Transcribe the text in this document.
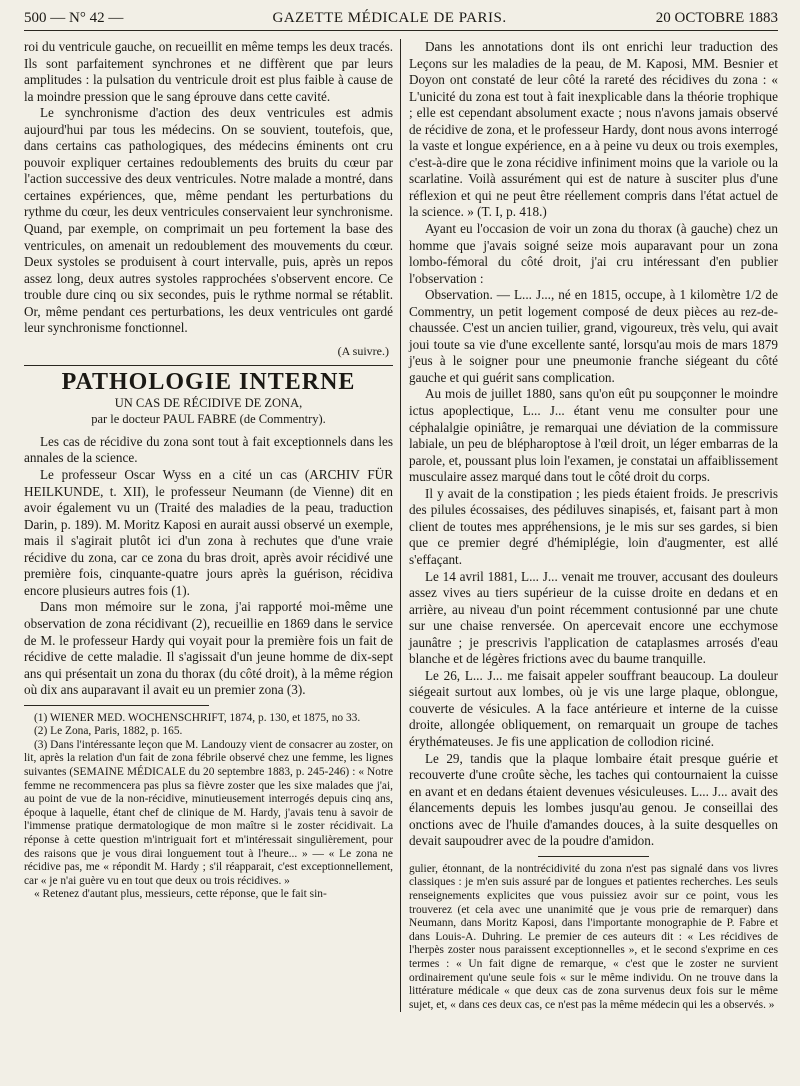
500 — N° 42 —	GAZETTE MÉDICALE DE PARIS.	20 OCTOBRE 1883

roi du ventricule gauche, on recueillit en même temps les deux tracés. Ils sont parfaitement synchrones et ne diffèrent que par leurs amplitudes : la pulsation du ventricule droit est plus faible à cause de la moindre pression que le sang éprouve dans cette cavité.

Le synchronisme d'action des deux ventricules est admis aujourd'hui par tous les médecins. On se souvient, toutefois, que, dans certains cas pathologiques, des médecins éminents ont cru pouvoir expliquer certaines redoublements des bruits du cœur par l'action successive des deux ventricules. Notre malade a montré, dans certaines expériences, que, même pendant les perturbations du rythme du cœur, les deux ventricules conservaient leur synchronisme. Quand, par exemple, on comprimait un peu fortement la base des ventricules, on amenait un redoublement des mouvements du cœur. Deux systoles se produisent à court intervalle, puis, après un repos assez long, deux autres systoles rapprochées s'observent encore. Ce trouble dure cinq ou six secondes, puis le rythme normal se rétablit. Or, même pendant ces perturbations, les deux ventricules ont gardé leur synchronisme fonctionnel.

(A suivre.)
PATHOLOGIE INTERNE
UN CAS DE RÉCIDIVE DE ZONA,
par le docteur PAUL FABRE (de Commentry).

Les cas de récidive du zona sont tout à fait exceptionnels dans les annales de la science.

Le professeur Oscar Wyss en a cité un cas (ARCHIV FÜR HEILKUNDE, t. XII), le professeur Neumann (de Vienne) dit en avoir également vu un (Traité des maladies de la peau, traduction Darin, p. 189). M. Moritz Kaposi en aurait aussi observé un exemple, mais il s'agirait plutôt ici d'un zona à rechutes que d'une vraie récidive du zona, car ce zona du bras droit, après avoir récidivé une première fois, cinquante-quatre jours après la guérison, récidiva encore plusieurs autres fois (1).

Dans mon mémoire sur le zona, j'ai rapporté moi-même une observation de zona récidivant (2), recueillie en 1869 dans le service de M. le professeur Hardy qui voyait pour la première fois un fait de récidive de cette maladie. Il s'agissait d'un jeune homme de dix-sept ans qui présentait un zona du thorax (du côté droit), à la même région où dix ans auparavant il avait eu un premier zona (3).

(1) WIENER MED. WOCHENSCHRIFT, 1874, p. 130, et 1875, no 33.

(2) Le Zona, Paris, 1882, p. 165.

(3) Dans l'intéressante leçon que M. Landouzy vient de consacrer au zoster, on lit, après la relation d'un fait de zona fébrile observé chez une femme, les lignes suivantes (SEMAINE MÉDICALE du 20 septembre 1883, p. 245-246) : « Notre femme ne recommencera pas plus sa fièvre zoster que les sixe malades que j'ai, au point de vue de la non-récidive, minutieusement interrogés depuis cinq ans, époque à laquelle, étant chef de clinique de M. Hardy, j'avais tenu à savoir de l'immense pratique dermatologique de mon maître si le zoster récidivait. La réponse à cette question m'intriguait fort et m'intéressait singulièrement, pour des raisons que je vous dirai longuement tout à l'heure... » — « Le zona ne récidive pas, me « répondit M. Hardy ; s'il réapparait, c'est exceptionnellement, car « je n'ai guère vu en tout que deux ou trois récidives. »

« Retenez d'autant plus, messieurs, cette réponse, que le fait sin-

Dans les annotations dont ils ont enrichi leur traduction des Leçons sur les maladies de la peau, de M. Kaposi, MM. Besnier et Doyon ont constaté de leur côté la rareté des récidives du zona : « L'unicité du zona est tout à fait inexplicable dans la théorie trophique ; elle est cependant absolument exacte ; nous n'avons jamais observé de récidive de zona, et le professeur Hardy, dont nous avons interrogé la vaste et longue expérience, en a à peine vu deux ou trois exemples, c'est-à-dire que le zona récidive infiniment moins que la variole ou la scarlatine. Voilà assurément qui est de nature à susciter plus d'une réflexion et qui ne peut être réellement compris dans l'état actuel de la science. » (T. I, p. 418.)

Ayant eu l'occasion de voir un zona du thorax (à gauche) chez un homme que j'avais soigné seize mois auparavant pour un zona lombo-fémoral du côté droit, j'ai cru intéressant d'en publier l'observation :

Observation. — L... J..., né en 1815, occupe, à 1 kilomètre 1/2 de Commentry, un petit logement composé de deux pièces au rez-de-chaussée. C'est un ancien tuilier, grand, vigoureux, très velu, qui avait joui toute sa vie d'une excellente santé, lorsqu'au mois de mars 1879 j'eus à le soigner pour une pneumonie franche siégeant du côté gauche et qui guérit sans complication.

Au mois de juillet 1880, sans qu'on eût pu soupçonner le moindre ictus apoplectique, L... J... étant venu me consulter pour une céphalalgie opiniâtre, je remarquai une déviation de la commissure labiale, un peu de blépharoptose à l'œil droit, un léger embarras de la parole, et, poussant plus loin l'examen, je constatai un affaiblissement musculaire assez marqué dans tout le côté droit du corps.

Il y avait de la constipation ; les pieds étaient froids. Je prescrivis des pilules écossaises, des pédiluves sinapisés, et, faisant part à mon client de toutes mes appréhensions, je le mis sur ses gardes, si bien que ce premier degré d'hémiplégie, loin d'augmenter, est allé s'effaçant.

Le 14 avril 1881, L... J... venait me trouver, accusant des douleurs assez vives au tiers supérieur de la cuisse droite en dedans et en arrière, au niveau d'un point récemment contusionné par une chute sur une chaise renversée. On apercevait encore une ecchymose jaunâtre ; je prescrivis l'application de cataplasmes arrosés d'eau blanche et de légères frictions avec du baume tranquille.

Le 26, L... J... me faisait appeler souffrant beaucoup. La douleur siégeait surtout aux lombes, où je vis une large plaque, oblongue, couverte de vésicules. A la face antérieure et interne de la cuisse droite, allongée obliquement, on remarquait un groupe de taches érythémateuses. Je fis une application de collodion riciné.

Le 29, tandis que la plaque lombaire était presque guérie et recouverte d'une croûte sèche, les taches qui contournaient la cuisse en avant et en dedans étaient devenues vésiculeuses. L... J... avait des élancements depuis les lombes jusqu'au genou. Je conseillai des onctions avec de l'huile d'amandes douces, à la suite desquelles on devait saupoudrer avec de la poudre d'amidon.

gulier, étonnant, de la nontrécidivité du zona n'est pas signalé dans vos livres classiques : je m'en suis assuré par de longues et patientes recherches. Les seuls renseignements explicites que vous puissiez avoir sur ce point, vous les trouverez (et cela avec une unanimité que je vous prie de remarquer) dans Neumann, dans Moritz Kaposi, dans l'importante monographie de P. Fabre et dans Louis-A. Duhring. Le premier de ces auteurs dit : « Les récidives de l'herpès zoster nous paraissent exceptionnelles », et le second s'exprime en ces termes : « Un fait digne de remarque, « c'est que le zoster ne survient ordinairement qu'une seule fois « sur le même individu. On ne trouve dans la littérature médicale « que deux cas de zona survenus deux fois sur le même sujet, et, « dans ces deux cas, ce n'est pas la même médecin qui les a observés. »
